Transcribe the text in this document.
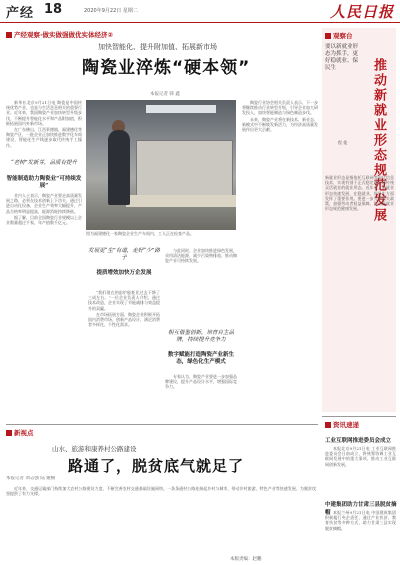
产经 18	2020年9月22日 星期二	人民日报
产经观察·做实做强做优实体经济②
加快智能化、提升附加值、拓展新市场
陶瓷业淬炼“硬本领”
本报记者 韩 鑫
图为福建德化一家陶瓷企业生产车间内，工人正在检查产品。

新华社北京9月21日电 陶瓷是中国传统优势产业，也是与生活息息相关的重要行业。近年来，我国陶瓷产业加快转型升级步伐，不断提升智能化水平和产品附加值，积极拓展国内外新市场。

在广东佛山、江西景德镇、福建德化等陶瓷产区，一批企业正加快推进数字化车间建设，智能化生产线逐步取代传统手工操作。

“老树”发新芽，品质有提升
智能制造助力陶瓷业“可持续发展”

业内人士表示，陶瓷产业要走高质量发展之路，必须在技术创新上下功夫。通过引进自动化设备，企业生产效率大幅提升，产品合格率明显提高，能源消耗持续降低。

据了解，目前全国陶瓷行业规模以上企业数量超过千家，年产值数千亿元。

发展更“生”有道，走好“少”路子
提质增效加快万企发展

“我们现在的窑炉能耗比过去下降了三成左右。”一位企业负责人介绍，通过技术改造，企业实现了节能减排与效益提升的双赢。

在市场拓展方面，陶瓷企业积极开拓国内消费市场，创新产品设计，满足消费者多样化、个性化需求。

与此同时，企业加快推进绿色发展，采用清洁能源，减少污染物排放，推动陶瓷产业可持续发展。

相互借鉴创新，培育自主品牌，持续提升竞争力
数字赋能打造陶瓷产业新生态，绿色化生产模式

专家认为，陶瓷产业要进一步加强品牌建设，提升产品设计水平，增强国际竞争力。

陶瓷行业协会相关负责人表示，下一步将继续推动行业转型升级，引导企业加大研发投入，加快智能制造与绿色制造步伐。

未来，陶瓷产业将在新技术、新业态、新模式中不断焕发新活力，为经济高质量发展作出更大贡献。

观察台
要以新就业形态为抓手，更好稳就业、保民生	推动新就业形态规范发展
程 俊
新就业形态是指依托互联网等现代信息技术，实现有别于正式稳定就业和传统灵活就业的就业形态。近年来，新就业形态快速发展，在稳就业、保民生方面发挥了重要作用。要进一步完善相关政策，加强劳动者权益保障，推动新就业形态规范健康发展。
新视点
山水、旅游和康养村公路建设
路通了，脱贫底气就足了
本报记者 刘志强 陆 娅楠

近年来，交通运输部门持续加大农村公路建设力度，不断完善农村交通基础设施网络。一条条通村公路连接起乡村与城市，带动乡村旅游、特色产业等快速发展，为脱贫攻坚提供了有力支撑。

本版责编：赵鹏
资讯速递
工业互联网推进委员会成立

本报北京9月21日电 工业互联网推进委员会日前成立，将统筹协调工业互联网发展中的重大事项，推动工业互联网创新发展。

中建集团助力甘肃三县脱贫摘帽 本报兰州9月21日电 中国建筑集团积极履行央企责任，通过产业扶贫、教育扶贫等多种方式，助力甘肃三县实现脱贫摘帽。
